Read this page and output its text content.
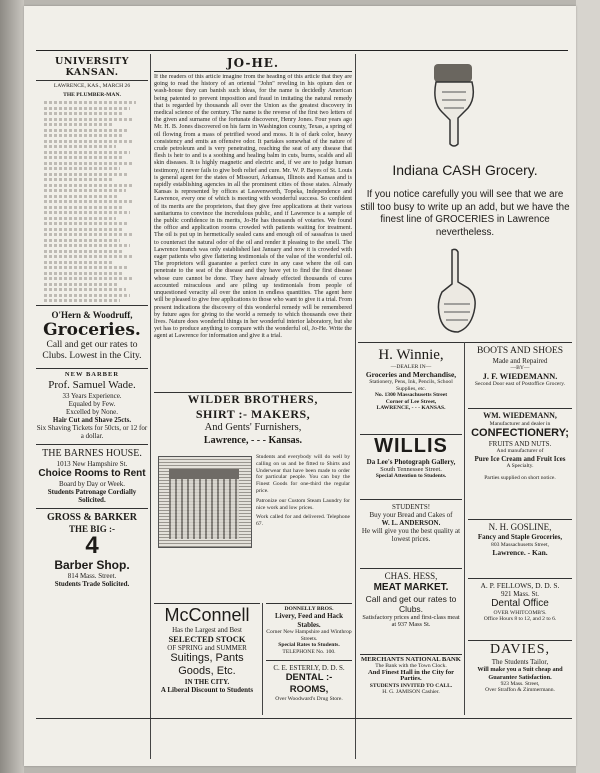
UNIVERSITY KANSAN.
LAWRENCE, KAS., MARCH 26
THE PLUMBER-MAN.
O'Hern & Woodruff,
Groceries.
Call and get our rates to Clubs. Lowest in the City.
NEW BARBER
Prof. Samuel Wade.
33 Years Experience.
Equaled by Few.
Excelled by None.
Hair Cut and Shave 25cts.
Six Shaving Tickets for 50cts, or 12 for a dollar.
THE BARNES HOUSE.
1013 New Hampshire St.
Choice Rooms to Rent
Board by Day or Week.
Students Patronage Cordially Solicited.
GROSS & BARKER
THE BIG :-
4
Barber Shop.
814 Mass. Street.
Students Trade Solicited.
JO-HE.
If the readers of this article imagine from the heading of this article that they are going to read the history of an oriental "John" reveling in his opium den or wash-house they can banish such ideas, for the name is decidedly American being patented to prevent imposition and fraud in imitating the natural remedy that is regarded by thousands all over the Union as the greatest discovery in medical science of the century. The name is the reverse of the first two letters of the given and surname of the fortunate discoverer, Henry Jones. Four years ago Mr. H. B. Jones discovered on his farm in Washington county, Texas, a spring of oil flowing from a mass of petrified wood and moss. It is of dark color, heavy consistency and emits an offensive odor. It partakes somewhat of the nature of crude petroleum and is very penetrating, reaching the seat of any disease that flesh is heir to and is a soothing and healing balm in cuts, burns, scalds and all skin diseases. It is highly magnetic and electric and, if we are to judge human testimony, it never fails to give both relief and cure. Mr. W. P. Bayes of St. Louis is general agent for the states of Missouri, Arkansas, Illinois and Kansas and is rapidly establishing agencies in all the prominent cities of those states. Already Kansas is represented by offices at Leavenworth, Topeka, Independence and Lawrence, every one of which is meeting with wonderful success. So confident of its merits are the proprietors, that they give free applications at their various sanitariums to convince the incredulous public, and if Lawrence is a sample of the public confidence in its merits, Jo-He has thousands of votaries. We found the office and application rooms crowded with patients waiting for treatment. The oil is put up in hermetically sealed cans and enough oil of sassafras is used to counteract the natural odor of the oil and render it pleasing to the smell. The Lawrence branch was only established last January and now it is crowded with eager patients who give flattering testimonials of the value of the wonderful oil. The proprietors will guarantee a perfect cure in any case where the oil can penetrate to the seat of the disease and they have yet to find the first disease whose cure cannot be done. They have already effected thousands of cures accounted miraculous and are piling up testimonials from people of unquestioned veracity all over the union in endless quantities. The agent here will be pleased to give free applications to those who want to give it a trial. From present indications the discovery of this wonderful remedy will be remembered by future ages for giving to the world a remedy to which thousands owe their lives. Nature does wonderful things in her wonderful interior laboratory, but she yet has to produce anything to compare with the wonderful oil, Jo-He. Write the agent at Lawrence for information and give it a trial.
WILDER BROTHERS,
SHIRT :- MAKERS,
And Gents' Furnishers,
Lawrence, - - - Kansas.
Students and everybody will do well by calling on us and be fitted to Shirts and Underwear that have been made to order for particular people. You can buy the Finest Goods for one-third the regular price.
Patronize our Custom Steam Laundry for nice work and low prices.
Work called for and delivered. Telephone 67.
McConnell
Has the Largest and Best
SELECTED STOCK
OF SPRING and SUMMER
Suitings, Pants
Goods, Etc.
IN THE CITY.
A Liberal Discount to Students
DONNELLY BROS.
Livery, Feed and Hack Stables.
Corner New Hampshire and Winthrop Streets.
Special Rates to Students.
TELEPHONE No. 100.
C. E. ESTERLY, D. D. S.
DENTAL :- ROOMS,
Over Woodward's Drug Store.
Indiana CASH Grocery.
If you notice carefully you will see that we are still too busy to write up an add, but we have the finest line of GROCERIES in Lawrence nevertheless.
H. Winnie,
—DEALER IN—
Groceries and Merchandise,
Stationery, Pens, Ink, Pencils, School Supplies, etc.
No. 1300 Massachusetts Street
Corner of Lee Street,
LAWRENCE, - - - KANSAS.
WILLIS
Da Lee's Photograph Gallery,
South Tennessee Street.
Special Attention to Students.
STUDENTS!
Buy your Bread and Cakes of
W. L. ANDERSON.
He will give you the best quality at lowest prices.
CHAS. HESS,
MEAT MARKET.
Call and get our rates to Clubs.
Satisfactory prices and first-class meat at 937 Mass St.
MERCHANTS NATIONAL BANK
The Bank with the Town Clock.
And Finest Hall in the City for Parties.
STUDENTS INVITED TO CALL.
H. G. JAMISON Cashier.
BOOTS AND SHOES
Made and Repaired
—BY—
J. F. WIEDEMANN.
Second Door east of Postoffice Grocery.
WM. WIEDEMANN,
Manufacturer and dealer in
CONFECTIONERY;
FRUITS AND NUTS.
And manufacturer of
Pure Ice Cream and Fruit Ices
A Specialty.
Parties supplied on short notice.
N. H. GOSLINE,
Fancy and Staple Groceries,
803 Massachusetts Street,
Lawrence. - Kan.
A. P. FELLOWS, D. D. S.
921 Mass. St.
Dental Office
OVER WHITCOMB'S.
Office Hours 8 to 12, and 2 to 6.
DAVIES,
The Students Tailor,
Will make you a Suit cheap and Guarantee Satisfaction.
923 Mass. Street,
Over Straffon & Zimmermann.
